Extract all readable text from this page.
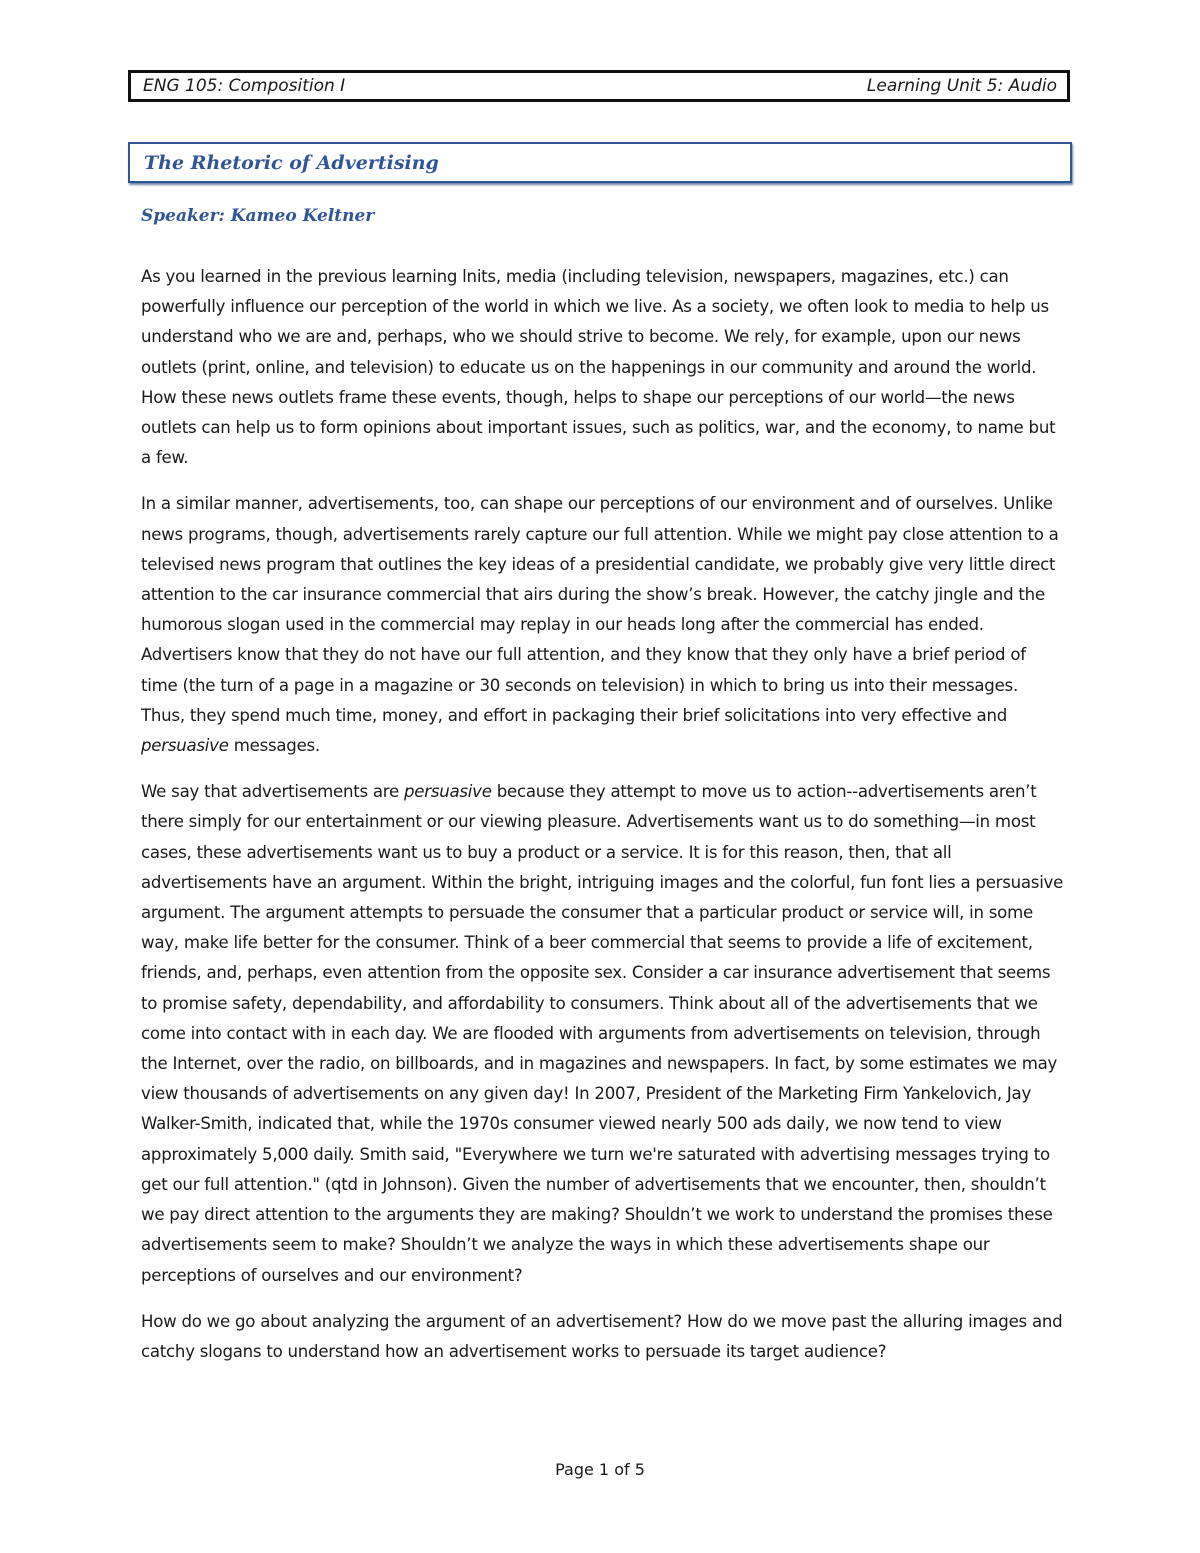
ENG 105: Composition I	Learning Unit 5: Audio
The Rhetoric of Advertising
Speaker: Kameo Keltner

As you learned in the previous learning lnits, media (including television, newspapers, magazines, etc.) can powerfully influence our perception of the world in which we live. As a society, we often look to media to help us understand who we are and, perhaps, who we should strive to become. We rely, for example, upon our news outlets (print, online, and television) to educate us on the happenings in our community and around the world. How these news outlets frame these events, though, helps to shape our perceptions of our world—the news outlets can help us to form opinions about important issues, such as politics, war, and the economy, to name but a few.

In a similar manner, advertisements, too, can shape our perceptions of our environment and of ourselves. Unlike news programs, though, advertisements rarely capture our full attention. While we might pay close attention to a televised news program that outlines the key ideas of a presidential candidate, we probably give very little direct attention to the car insurance commercial that airs during the show’s break. However, the catchy jingle and the humorous slogan used in the commercial may replay in our heads long after the commercial has ended. Advertisers know that they do not have our full attention, and they know that they only have a brief period of time (the turn of a page in a magazine or 30 seconds on television) in which to bring us into their messages. Thus, they spend much time, money, and effort in packaging their brief solicitations into very effective and persuasive messages.

We say that advertisements are persuasive because they attempt to move us to action--advertisements aren’t there simply for our entertainment or our viewing pleasure. Advertisements want us to do something—in most cases, these advertisements want us to buy a product or a service. It is for this reason, then, that all advertisements have an argument. Within the bright, intriguing images and the colorful, fun font lies a persuasive argument. The argument attempts to persuade the consumer that a particular product or service will, in some way, make life better for the consumer. Think of a beer commercial that seems to provide a life of excitement, friends, and, perhaps, even attention from the opposite sex. Consider a car insurance advertisement that seems to promise safety, dependability, and affordability to consumers. Think about all of the advertisements that we come into contact with in each day. We are flooded with arguments from advertisements on television, through the Internet, over the radio, on billboards, and in magazines and newspapers. In fact, by some estimates we may view thousands of advertisements on any given day! In 2007, President of the Marketing Firm Yankelovich, Jay Walker-Smith, indicated that, while the 1970s consumer viewed nearly 500 ads daily, we now tend to view approximately 5,000 daily. Smith said, "Everywhere we turn we're saturated with advertising messages trying to get our full attention." (qtd in Johnson). Given the number of advertisements that we encounter, then, shouldn’t we pay direct attention to the arguments they are making? Shouldn’t we work to understand the promises these advertisements seem to make? Shouldn’t we analyze the ways in which these advertisements shape our perceptions of ourselves and our environment?

How do we go about analyzing the argument of an advertisement? How do we move past the alluring images and catchy slogans to understand how an advertisement works to persuade its target audience?

Page 1 of 5
